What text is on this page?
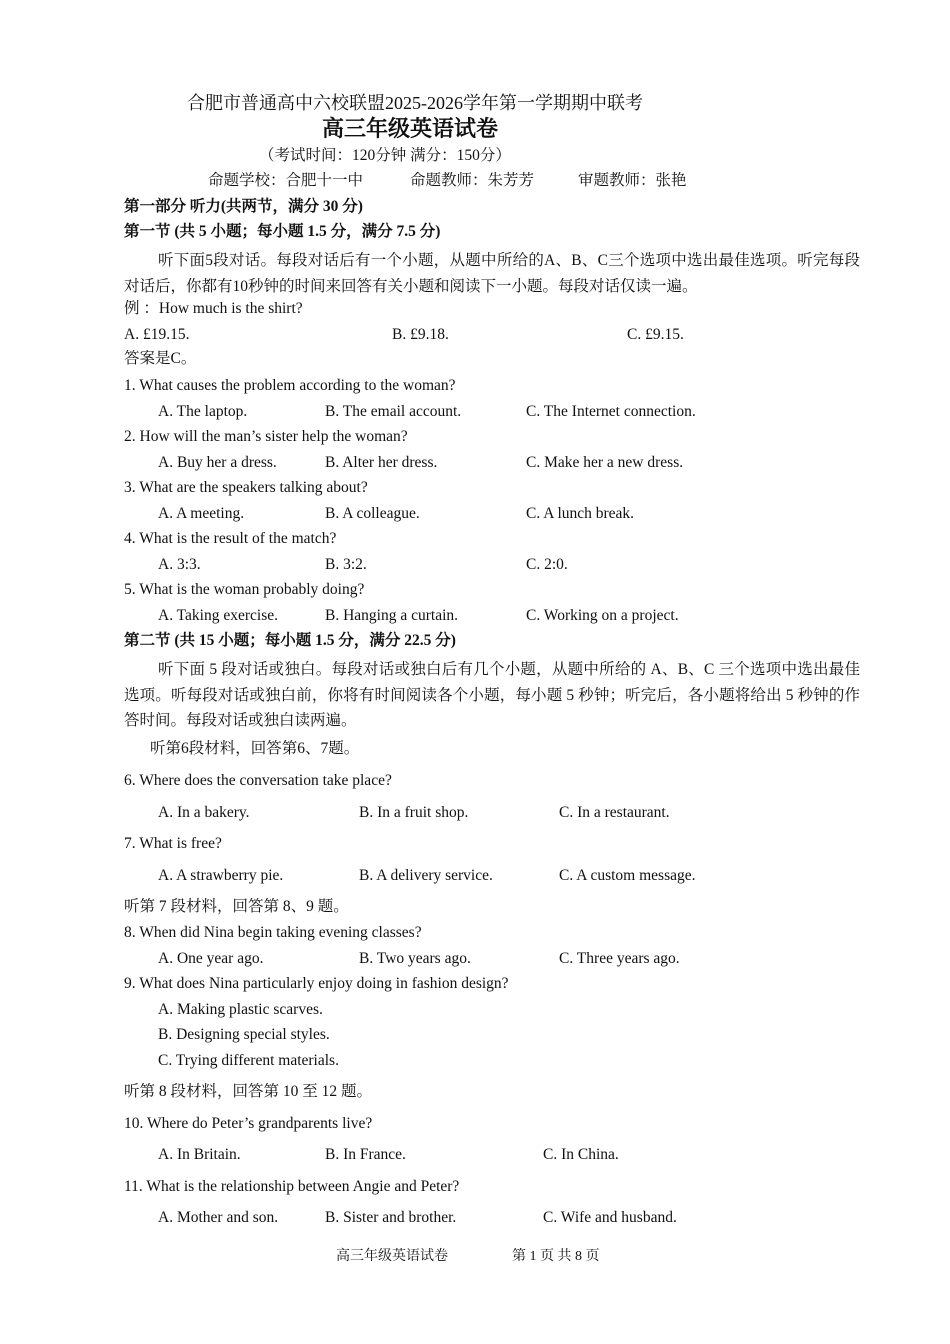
合肥市普通高中六校联盟2025-2026学年第一学期期中联考
高三年级英语试卷
（考试时间：120分钟 满分：150分）
命题学校：合肥十一中	命题教师：朱芳芳	审题教师：张艳
第一部分 听力(共两节，满分 30 分)
第一节 (共 5 小题；每小题 1.5 分，满分 7.5 分)
听下面5段对话。每段对话后有一个小题，从题中所给的A、B、C三个选项中选出最佳选项。听完每段对话后，你都有10秒钟的时间来回答有关小题和阅读下一小题。每段对话仅读一遍。
例 ：How much is the shirt?
A. £19.15.	B. £9.18.	C. £9.15.
答案是C。
1. What causes the problem according to the woman?
A. The laptop.	B. The email account.	C. The Internet connection.
2. How will the man’s sister help the woman?
A. Buy her a dress.	B. Alter her dress.	C. Make her a new dress.
3. What are the speakers talking about?
A. A meeting.	B. A colleague.	C. A lunch break.
4. What is the result of the match?
A. 3:3.	B. 3:2.	C. 2:0.
5. What is the woman probably doing?
A. Taking exercise.	B. Hanging a curtain.	C. Working on a project.
第二节 (共 15 小题；每小题 1.5 分，满分 22.5 分)
听下面 5 段对话或独白。每段对话或独白后有几个小题，从题中所给的 A、B、C 三个选项中选出最佳选项。听每段对话或独白前，你将有时间阅读各个小题，每小题 5 秒钟；听完后，各小题将给出 5 秒钟的作答时间。每段对话或独白读两遍。
听第6段材料，回答第6、7题。
6. Where does the conversation take place?
A. In a bakery.	B. In a fruit shop.	C. In a restaurant.
7. What is free?
A. A strawberry pie.	B. A delivery service.	C. A custom message.
听第 7 段材料，回答第 8、9 题。
8. When did Nina begin taking evening classes?
A. One year ago.	B. Two years ago.	C. Three years ago.
9. What does Nina particularly enjoy doing in fashion design?
A. Making plastic scarves.
B. Designing special styles.
C. Trying different materials.
听第 8 段材料，回答第 10 至 12 题。
10. Where do Peter’s grandparents live?
A. In Britain.	B. In France.	C. In China.
11. What is the relationship between Angie and Peter?
A. Mother and son.	B. Sister and brother.	C. Wife and husband.
高三年级英语试卷	第 1 页 共 8 页
